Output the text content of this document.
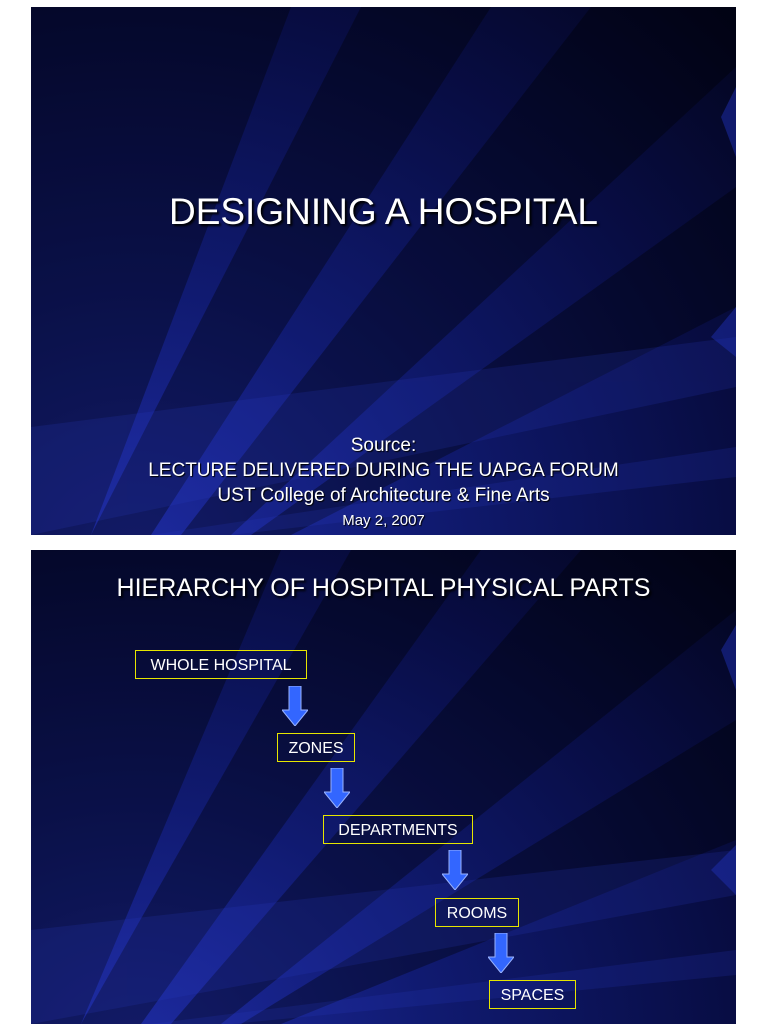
DESIGNING A HOSPITAL
Source:
LECTURE DELIVERED DURING THE UAPGA FORUM
UST College of Architecture & Fine Arts
May 2, 2007
HIERARCHY OF HOSPITAL PHYSICAL PARTS
WHOLE HOSPITAL
ZONES
DEPARTMENTS
ROOMS
SPACES
